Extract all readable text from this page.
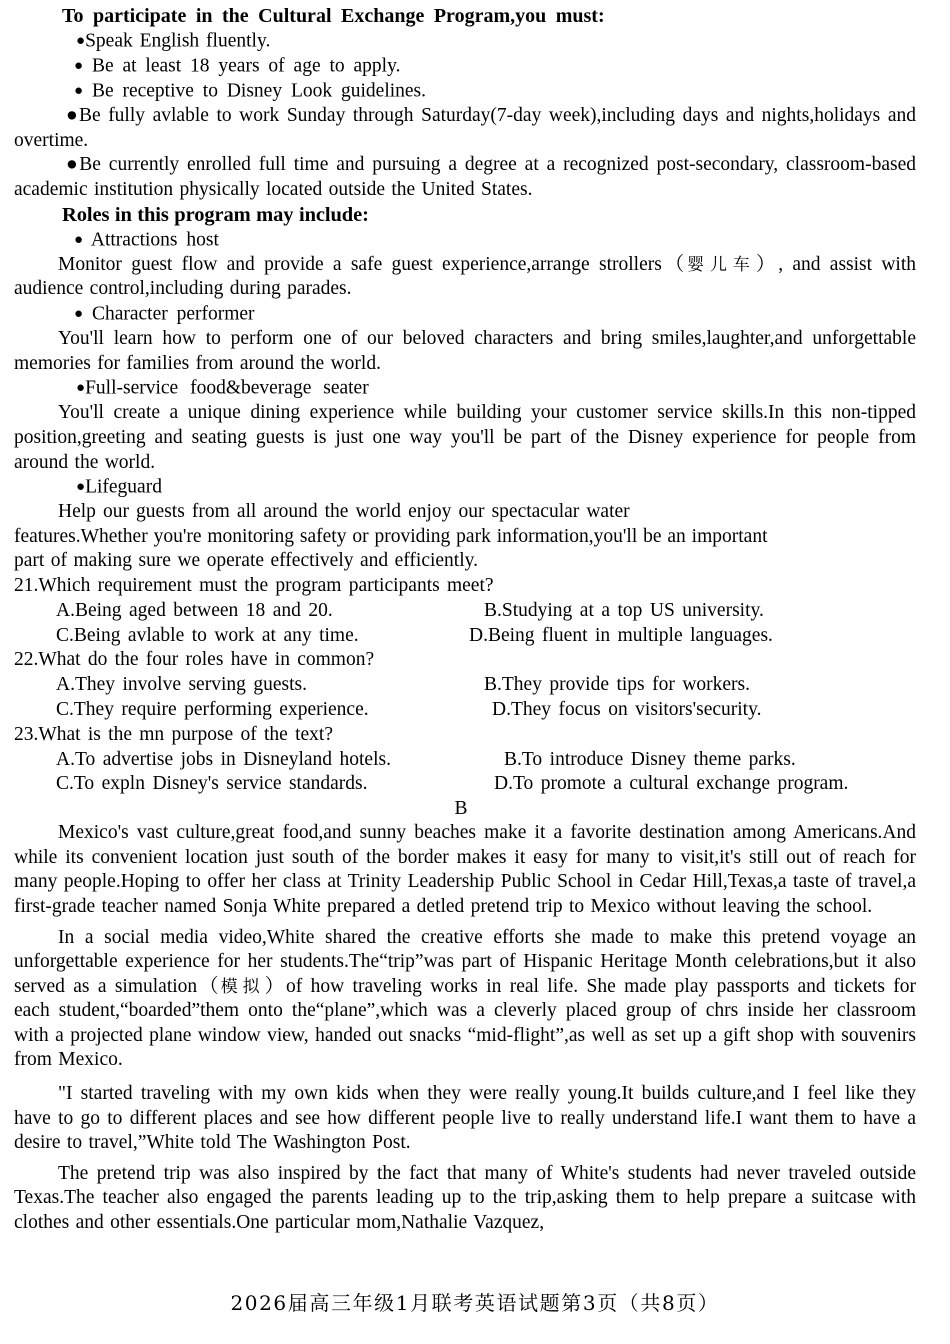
To participate in the Cultural Exchange Program,you must:

●Speak English fluently.

● Be at least 18 years of age to apply.

● Be receptive to Disney Look guidelines.

●Be fully avlable to work Sunday through Saturday(7-day week),including days and nights,holidays and overtime.

●Be currently enrolled full time and pursuing a degree at a recognized post-secondary, classroom-based academic institution physically located outside the United States.

Roles in this program may include:

● Attractions host

Monitor guest flow and provide a safe guest experience,arrange strollers（婴儿车）, and assist with audience control,including during parades.

● Character performer

You'll learn how to perform one of our beloved characters and bring smiles,laughter,and unforgettable memories for families from around the world.

●Full-service food&beverage seater

You'll create a unique dining experience while building your customer service skills.In this non-tipped position,greeting and seating guests is just one way you'll be part of the Disney experience for people from around the world.

●Lifeguard

Help our guests from all around the world enjoy our spectacular water

features.Whether you're monitoring safety or providing park information,you'll be an important

part of making sure we operate effectively and efficiently.

21.Which requirement must the program participants meet?

A.Being aged between 18 and 20.	B.Studying at a top US university.
C.Being avlable to work at any time.	D.Being fluent in multiple languages.

22.What do the four roles have in common?

A.They involve serving guests.	B.They provide tips for workers.
C.They require performing experience.	D.They focus on visitors'security.

23.What is the mn purpose of the text?

A.To advertise jobs in Disneyland hotels.	B.To introduce Disney theme parks.
C.To expln Disney's service standards.	D.To promote a cultural exchange program.

B

Mexico's vast culture,great food,and sunny beaches make it a favorite destination among Americans.And while its convenient location just south of the border makes it easy for many to visit,it's still out of reach for many people.Hoping to offer her class at Trinity Leadership Public School in Cedar Hill,Texas,a taste of travel,a first-grade teacher named Sonja White prepared a detled pretend trip to Mexico without leaving the school.

In a social media video,White shared the creative efforts she made to make this pretend voyage an unforgettable experience for her students.The“trip”was part of Hispanic Heritage Month celebrations,but it also served as a simulation（模拟）of how traveling works in real life. She made play passports and tickets for each student,“boarded”them onto the“plane”,which was a cleverly placed group of chrs inside her classroom with a projected plane window view, handed out snacks “mid-flight”,as well as set up a gift shop with souvenirs from Mexico.

"I started traveling with my own kids when they were really young.It builds culture,and I feel like they have to go to different places and see how different people live to really understand life.I want them to have a desire to travel,”White told The Washington Post.

The pretend trip was also inspired by the fact that many of White's students had never traveled outside Texas.The teacher also engaged the parents leading up to the trip,asking them to help prepare a suitcase with clothes and other essentials.One particular mom,Nathalie Vazquez,

2026届高三年级1月联考英语试题第3页（共8页）
